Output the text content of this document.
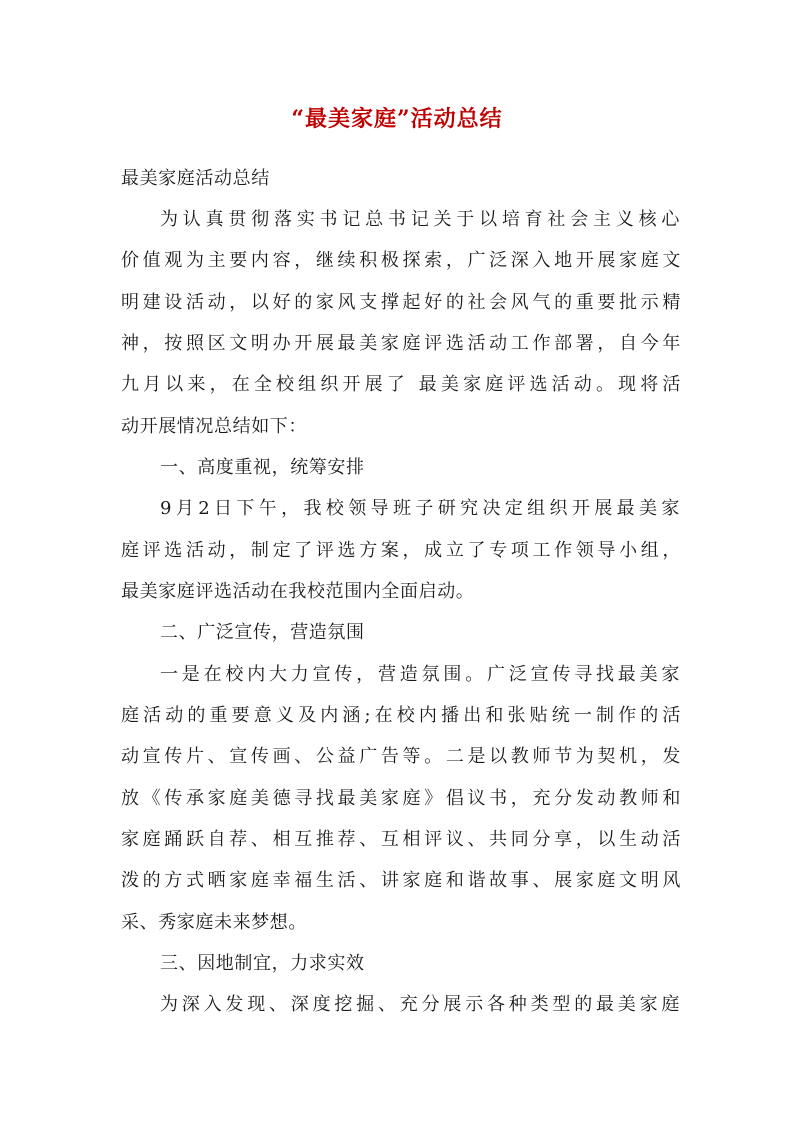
“最美家庭”活动总结
最美家庭活动总结
为认真贯彻落实书记总书记关于以培育社会主义核心
价值观为主要内容，继续积极探索，广泛深入地开展家庭文
明建设活动，以好的家风支撑起好的社会风气的重要批示精
神，按照区文明办开展最美家庭评选活动工作部署，自今年
九月以来，在全校组织开展了 最美家庭评选活动。现将活
动开展情况总结如下：
一、高度重视，统筹安排
9月2日下午，我校领导班子研究决定组织开展最美家
庭评选活动，制定了评选方案，成立了专项工作领导小组，
最美家庭评选活动在我校范围内全面启动。
二、广泛宣传，营造氛围
一是在校内大力宣传，营造氛围。广泛宣传寻找最美家
庭活动的重要意义及内涵;在校内播出和张贴统一制作的活
动宣传片、宣传画、公益广告等。二是以教师节为契机，发
放《传承家庭美德寻找最美家庭》倡议书，充分发动教师和
家庭踊跃自荐、相互推荐、互相评议、共同分享，以生动活
泼的方式晒家庭幸福生活、讲家庭和谐故事、展家庭文明风
采、秀家庭未来梦想。
三、因地制宜，力求实效
为深入发现、深度挖掘、充分展示各种类型的最美家庭
